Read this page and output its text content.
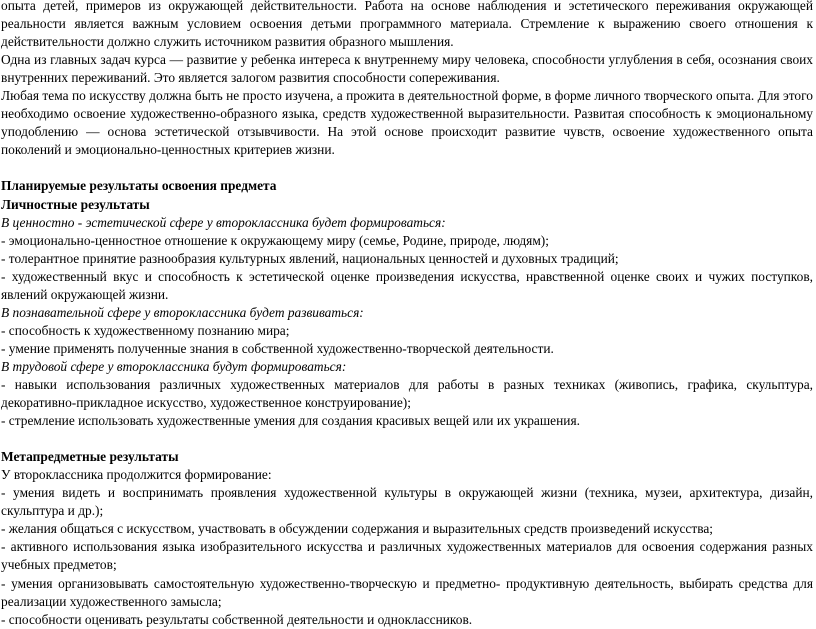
опыта детей, примеров из окружающей действительности. Работа на основе наблюдения и эстетического переживания окружающей реальности является важным условием освоения детьми программного материала. Стремление к выражению своего отношения к действительности должно служить источником развития образного мышления.

Одна из главных задач курса — развитие у ребенка интереса к внутреннему миру человека, способности углубления в себя, осознания своих внутренних переживаний. Это является залогом развития способности сопереживания.

Любая тема по искусству должна быть не просто изучена, а прожита в деятельностной форме, в форме личного творческого опыта. Для этого необходимо освоение художественно-образного языка, средств художественной выразительности. Развитая способность к эмоциональному уподоблению — основа эстетической отзывчивости. На этой основе происходит развитие чувств, освоение художественного опыта поколений и эмоционально-ценностных критериев жизни.

Планируемые результаты освоения предмета

Личностные результаты

В ценностно - эстетической сфере у второклассника будет формироваться:

- эмоционально-ценностное отношение к окружающему миру (семье, Родине, природе, людям);

- толерантное принятие разнообразия культурных явлений, национальных ценностей и духовных традиций;

- художественный вкус и способность к эстетической оценке произведения искусства, нравственной оценке своих и чужих поступков, явлений окружающей жизни.

В познавательной сфере у второклассника будет развиваться:

- способность к художественному познанию мира;

- умение применять полученные знания в собственной художественно-творческой деятельности.

В трудовой сфере у второклассника будут формироваться:

- навыки использования различных художественных материалов для работы в разных техниках (живопись, графика, скульптура, декоративно-прикладное искусство, художественное конструирование);

- стремление использовать художественные умения для создания красивых вещей или их украшения.

Метапредметные результаты

У второклассника продолжится формирование:

- умения видеть и воспринимать проявления художественной культуры в окружающей жизни (техника, музеи, архитектура, дизайн, скульптура и др.);

- желания общаться с искусством, участвовать в обсуждении содержания и выразительных средств произведений искусства;

- активного использования языка изобразительного искусства и различных художественных материалов для освоения содержания разных учебных предметов;

- умения организовывать самостоятельную художественно-творческую и предметно- продуктивную деятельность, выбирать средства для реализации художественного замысла;

- способности оценивать результаты собственной деятельности и одноклассников.
